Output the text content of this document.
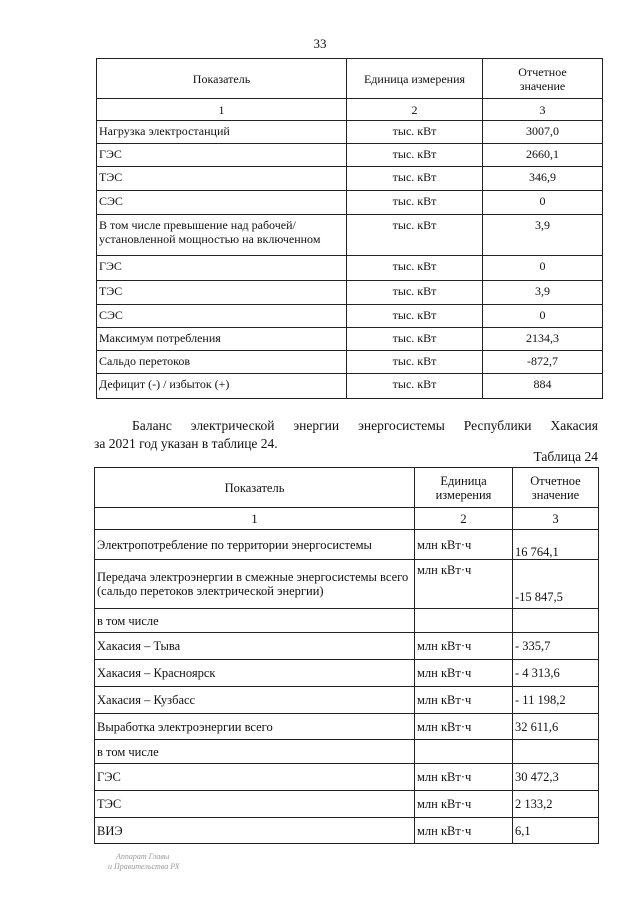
33
Показатель	Единица измерения	Отчетное значение
1	2	3
Нагрузка электростанций	тыс. кВт	3007,0
ГЭС	тыс. кВт	2660,1
ТЭС	тыс. кВт	346,9
СЭС	тыс. кВт	0
В том числе превышение над рабочей/ установленной мощностью на включенном	тыс. кВт	3,9
ГЭС	тыс. кВт	0
ТЭС	тыс. кВт	3,9
СЭС	тыс. кВт	0
Максимум потребления	тыс. кВт	2134,3
Сальдо перетоков	тыс. кВт	-872,7
Дефицит (-) / избыток (+)	тыс. кВт	884
Баланс электрической энергии энергосистемы Республики Хакасия
за 2021 год указан в таблице 24.
Таблица 24
Показатель	Единица измерения	Отчетное значение
1	2	3
Электропотребление по территории энергосистемы	млн кВт·ч	16 764,1
Передача электроэнергии в смежные энергосистемы всего (сальдо перетоков электрической энергии)	млн кВт·ч	-15 847,5
в том числе		
Хакасия – Тыва	млн кВт·ч	- 335,7
Хакасия – Красноярск	млн кВт·ч	- 4 313,6
Хакасия – Кузбасс	млн кВт·ч	- 11 198,2
Выработка электроэнергии всего	млн кВт·ч	32 611,6
в том числе		
ГЭС	млн кВт·ч	30 472,3
ТЭС	млн кВт·ч	2 133,2
ВИЭ	млн кВт·ч	6,1
Аппарат Главы
и Правительства РХ
